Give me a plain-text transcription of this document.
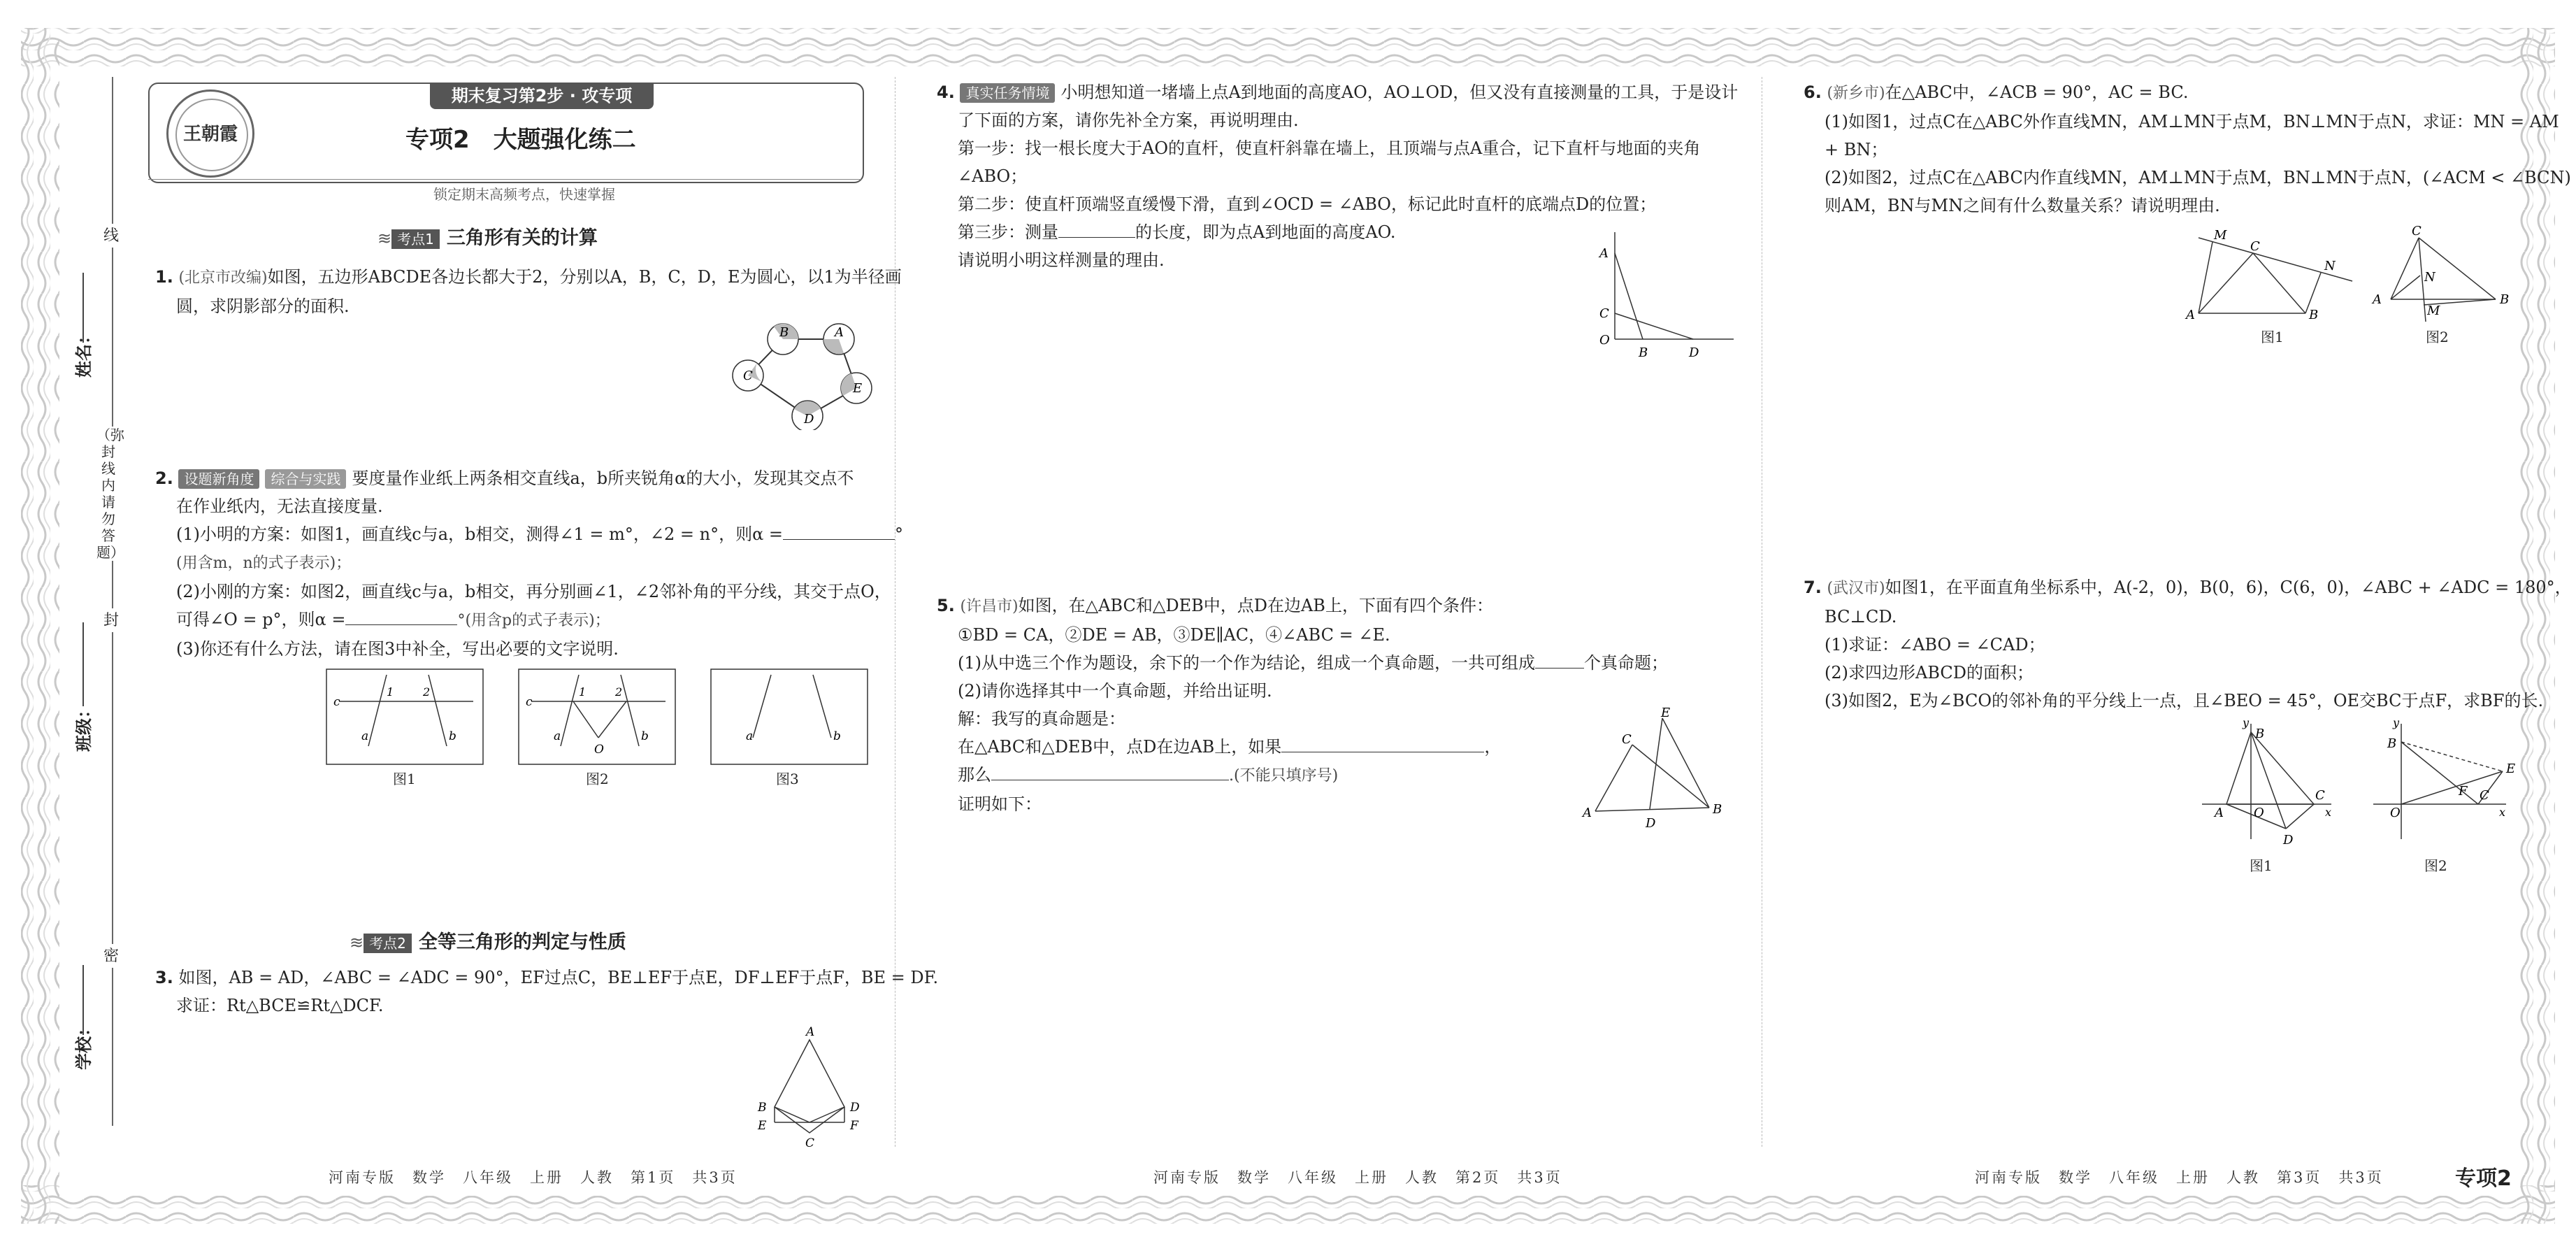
线
封
密
（弥封线内请勿答题）
姓名：
班级：
学校：
期末复习第2步 · 攻专项
专项2　大题强化练二
锁定期末高频考点，快速掌握
王朝霞
≋ 考点1 三角形有关的计算
1. (北京市改编)如图，五边形ABCDE各边长都大于2，分别以A，B，C，D，E为圆心，以1为半径画
圆，求阴影部分的面积.
B	A
E
D
C
2. 设题新角度 综合与实践 要度量作业纸上两条相交直线a，b所夹锐角α的大小，发现其交点不
在作业纸内，无法直接度量.
(1)小明的方案：如图1，画直线c与a，b相交，测得∠1 = m°，∠2 = n°，则α =	°
(用含m，n的式子表示)；
(2)小刚的方案：如图2，画直线c与a，b相交，再分别画∠1，∠2邻补角的平分线，其交于点O，
可得∠O = p°，则α =	°(用含p的式子表示)；
(3)你还有什么方法，请在图3中补全，写出必要的文字说明.
c
1	2
a	b
图1
c
1	2
a	b
O
图2
a	b
图3
≋ 考点2 全等三角形的判定与性质
3. 如图，AB = AD，∠ABC = ∠ADC = 90°，EF过点C，BE⊥EF于点E，DF⊥EF于点F，BE = DF.
求证：Rt△BCE≌Rt△DCF.
A
B	D
E	F
C
河南专版　数学　八年级　上册　人教　第1页　共3页
4. 真实任务情境 小明想知道一堵墙上点A到地面的高度AO，AO⊥OD，但又没有直接测量的工具，于是设计
了下面的方案，请你先补全方案，再说明理由.
第一步：找一根长度大于AO的直杆，使直杆斜靠在墙上，且顶端与点A重合，记下直杆与地面的夹角
∠ABO；
第二步：使直杆顶端竖直缓慢下滑，直到∠OCD = ∠ABO，标记此时直杆的底端点D的位置；
第三步：测量	的长度，即为点A到地面的高度AO.
请说明小明这样测量的理由.	A
C
O
B	D
5. (许昌市)如图，在△ABC和△DEB中，点D在边AB上，下面有四个条件：
①BD = CA，②DE = AB，③DE∥AC，④∠ABC = ∠E.
(1)从中选三个作为题设，余下的一个作为结论，组成一个真命题，一共可组成	个真命题；
(2)请你选择其中一个真命题，并给出证明.
解：我写的真命题是：
在△ABC和△DEB中，点D在边AB上，如果	，
那么	.(不能只填序号)
证明如下：	A
C
E
B
D
河南专版　数学　八年级　上册　人教　第2页　共3页
6. (新乡市)在△ABC中，∠ACB = 90°，AC = BC.
(1)如图1，过点C在△ABC外作直线MN，AM⊥MN于点M，BN⊥MN于点N，求证：MN = AM
+ BN；
(2)如图2，过点C在△ABC内作直线MN，AM⊥MN于点M，BN⊥MN于点N，(∠ACM < ∠BCN)
则AM，BN与MN之间有什么数量关系？请说明理由.
M
C
N
A	B
图1
C
A	B
N
M
图2
7. (武汉市)如图1，在平面直角坐标系中，A(-2，0)，B(0，6)，C(6，0)，∠ABC + ∠ADC = 180°，
BC⊥CD.
(1)求证：∠ABO = ∠CAD；
(2)求四边形ABCD的面积；
(3)如图2，E为∠BCO的邻补角的平分线上一点，且∠BEO = 45°，OE交BC于点F，求BF的长.
y
x
B
A O
C
D
图1
y
x
B
O
E
F C
图2
河南专版　数学　八年级　上册　人教　第3页　共3页	专项2
